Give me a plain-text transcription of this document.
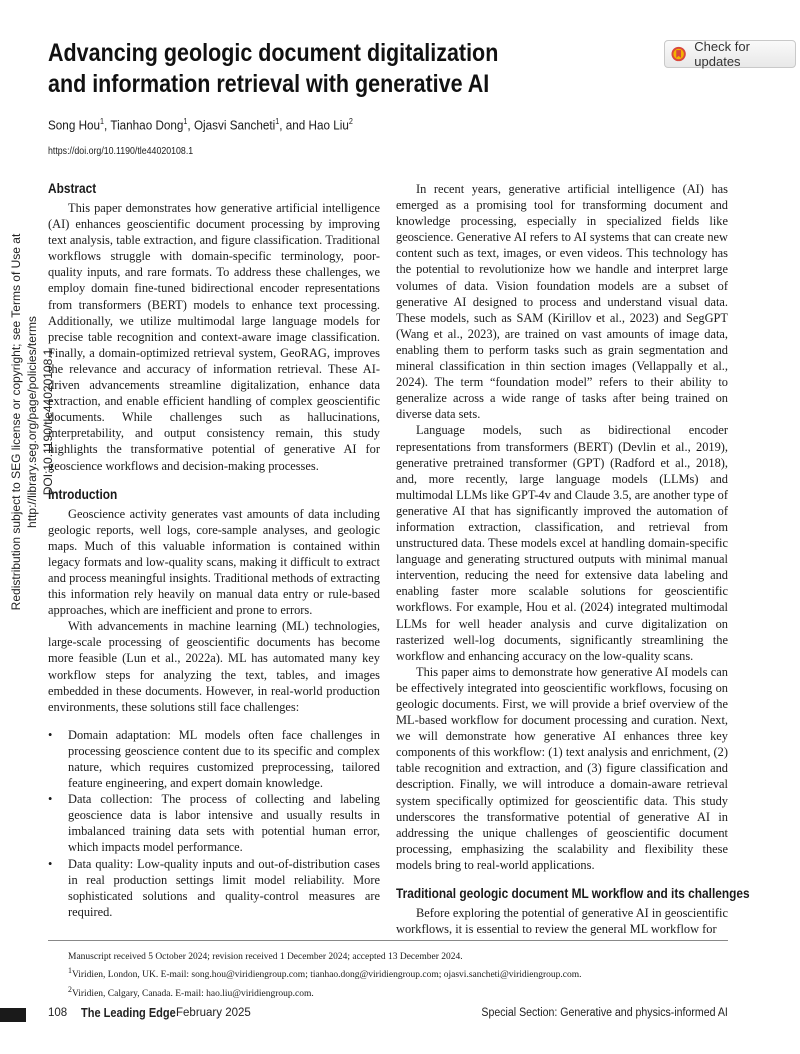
Redistribution subject to SEG license or copyright; see Terms of Use at http://library.seg.org/page/policies/terms DOI:10.1190/tle44020108.1
Advancing geologic document digitalization
and information retrieval with generative AI
Check for updates
Song Hou$^1$, Tianhao Dong$^1$, Ojasvi Sancheti$^1$, and Hao Liu$^2$
https://doi.org/10.1190/tle44020108.1
Abstract

This paper demonstrates how generative artificial intelligence (AI) enhances geoscientific document processing by improving text analysis, table extraction, and figure classification. Traditional workflows struggle with domain-specific terminology, poor-quality inputs, and rare formats. To address these challenges, we employ domain fine-tuned bidirectional encoder representations from transformers (BERT) models to enhance text processing. Additionally, we utilize multimodal large language models for precise table recognition and context-aware image classification. Finally, a domain-optimized retrieval system, GeoRAG, improves the relevance and accuracy of information retrieval. These AI-driven advancements streamline digitalization, enhance data extraction, and enable efficient handling of complex geoscientific documents. While challenges such as hallucinations, interpretability, and output consistency remain, this study highlights the transformative potential of generative AI for geoscience workflows and decision-making processes.

Introduction

Geoscience activity generates vast amounts of data including geologic reports, well logs, core-sample analyses, and geologic maps. Much of this valuable information is contained within legacy formats and low-quality scans, making it difficult to extract and process meaningful insights. Traditional methods of extracting this information rely heavily on manual data entry or rule-based approaches, which are inefficient and prone to errors.

With advancements in machine learning (ML) technologies, large-scale processing of geoscientific documents has become more feasible (Lun et al., 2022a). ML has automated many key workflow steps for analyzing the text, tables, and images embedded in these documents. However, in real-world production environments, these solutions still face challenges:

• Domain adaptation: ML models often face challenges in processing geoscience content due to its specific and complex nature, which requires customized preprocessing, tailored feature engineering, and expert domain knowledge.
• Data collection: The process of collecting and labeling geoscience data is labor intensive and usually results in imbalanced training data sets with potential human error, which impacts model performance.
• Data quality: Low-quality inputs and out-of-distribution cases in real production settings limit model reliability. More sophisticated solutions and quality-control measures are required.

In recent years, generative artificial intelligence (AI) has emerged as a promising tool for transforming document and knowledge processing, especially in specialized fields like geoscience. Generative AI refers to AI systems that can create new content such as text, images, or even videos. This technology has the potential to revolutionize how we handle and interpret large volumes of data. Vision foundation models are a subset of generative AI designed to process and understand visual data. These models, such as SAM (Kirillov et al., 2023) and SegGPT (Wang et al., 2023), are trained on vast amounts of image data, enabling them to perform tasks such as grain segmentation and mineral classification in thin section images (Vellappally et al., 2024). The term “foundation model” refers to their ability to generalize across a wide range of tasks after being trained on diverse data sets.

Language models, such as bidirectional encoder representations from transformers (BERT) (Devlin et al., 2019), generative pretrained transformer (GPT) (Radford et al., 2018), and, more recently, large language models (LLMs) and multimodal LLMs like GPT-4v and Claude 3.5, are another type of generative AI that has significantly improved the automation of information extraction, classification, and retrieval from unstructured data. These models excel at handling domain-specific language and generating structured outputs with minimal manual intervention, reducing the need for extensive data labeling and enabling faster more scalable solutions for geoscientific workflows. For example, Hou et al. (2024) integrated multimodal LLMs for well header analysis and curve digitalization on rasterized well-log documents, significantly streamlining the workflow and enhancing accuracy on the low-quality scans.

This paper aims to demonstrate how generative AI models can be effectively integrated into geoscientific workflows, focusing on geologic documents. First, we will provide a brief overview of the ML-based workflow for document processing and curation. Next, we will demonstrate how generative AI enhances three key components of this workflow: (1) text analysis and enrichment, (2) table recognition and extraction, and (3) figure classification and description. Finally, we will introduce a domain-aware retrieval system specifically optimized for geoscientific data. This study underscores the transformative potential of generative AI in addressing the unique challenges of geoscientific document processing, emphasizing the scalability and flexibility these models bring to real-world applications.

Traditional geologic document ML workflow and its challenges

Before exploring the potential of generative AI in geoscientific workflows, it is essential to review the general ML workflow for

Manuscript received 5 October 2024; revision received 1 December 2024; accepted 13 December 2024.
$^1$Viridien, London, UK. E-mail: song.hou@viridiengroup.com; tianhao.dong@viridiengroup.com; ojasvi.sancheti@viridiengroup.com.
$^2$Viridien, Calgary, Canada. E-mail: hao.liu@viridiengroup.com.
108 The Leading Edge February 2025	Special Section: Generative and physics-informed AI
